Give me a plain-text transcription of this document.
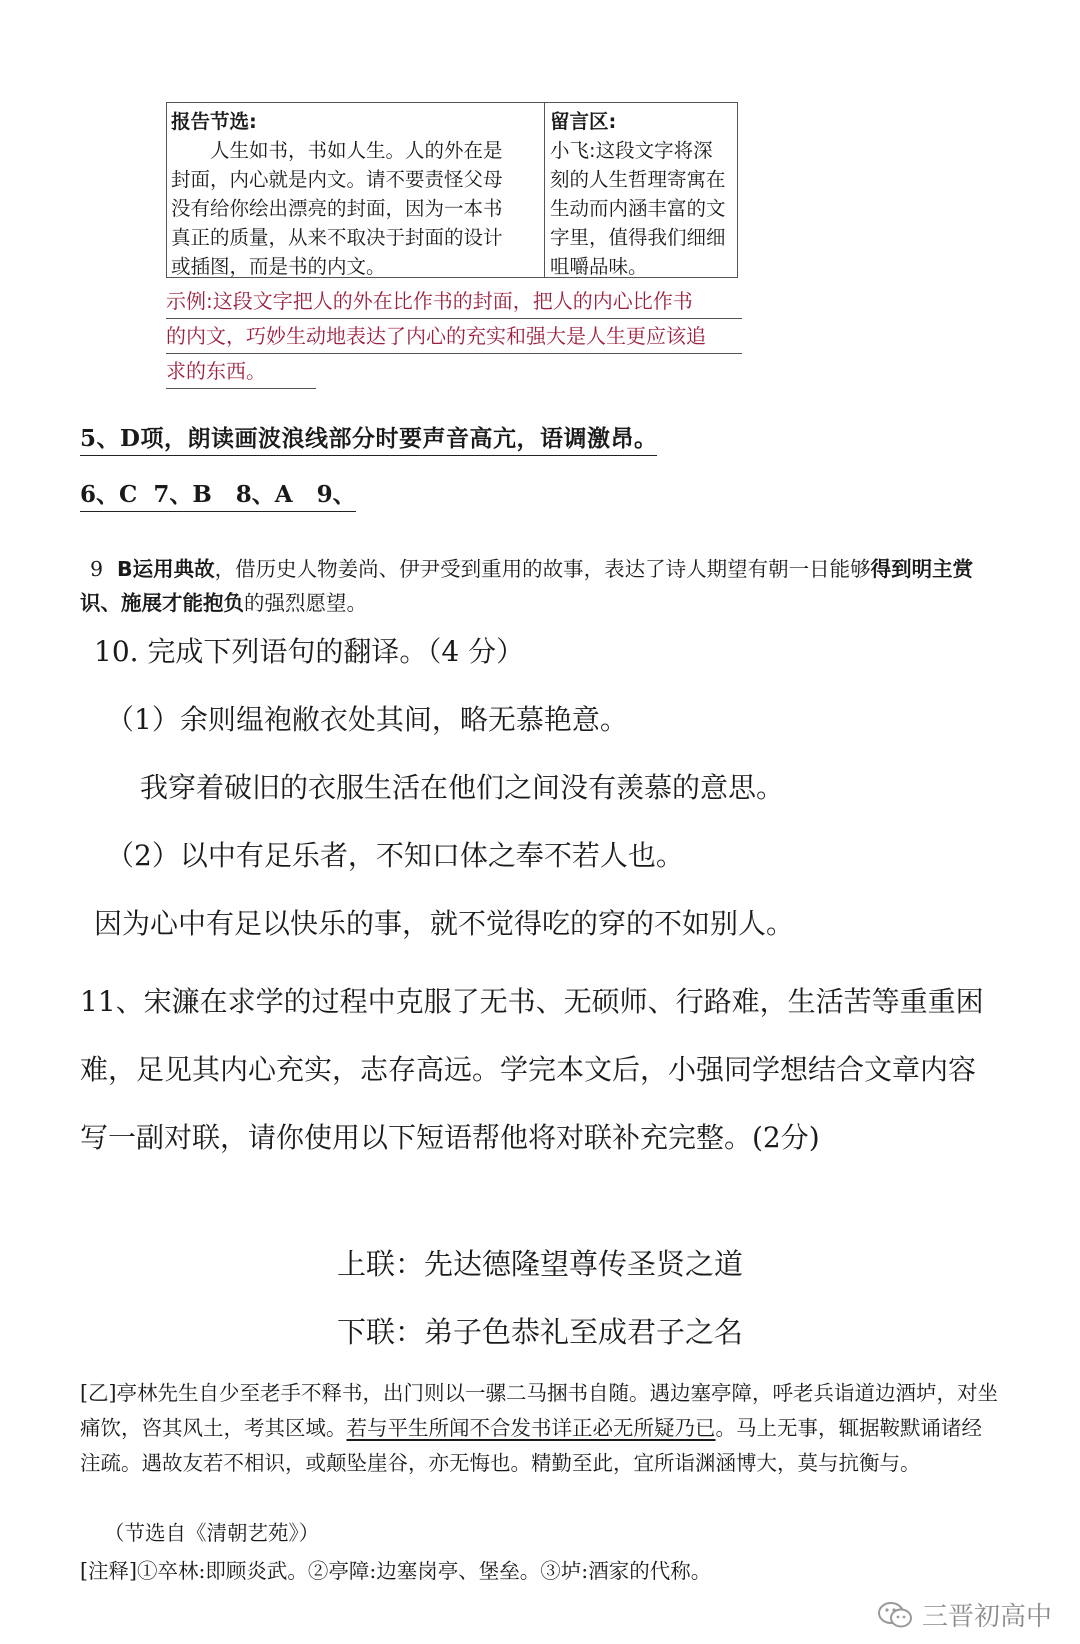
报告节选:
人生如书，书如人生。人的外在是
封面，内心就是内文。请不要责怪父母
没有给你绘出漂亮的封面，因为一本书
真正的质量，从来不取决于封面的设计
或插图，而是书的内文。
留言区:
小飞:这段文字将深
刻的人生哲理寄寓在
生动而内涵丰富的文
字里，值得我们细细
咀嚼品味。
示例:这段文字把人的外在比作书的封面，把人的内心比作书
的内文，巧妙生动地表达了内心的充实和强大是人生更应该追
求的东西。
5、D项，朗读画波浪线部分时要声音高亢，语调激昂。
6、C  7、B   8、A   9、
9 B运用典故，借历史人物姜尚、伊尹受到重用的故事，表达了诗人期望有朝一日能够得到明主赏识、施展才能抱负的强烈愿望。
10. 完成下列语句的翻译。（4 分）
（1）余则缊袍敝衣处其间，略无慕艳意。
我穿着破旧的衣服生活在他们之间没有羡慕的意思。
（2）以中有足乐者，不知口体之奉不若人也。
因为心中有足以快乐的事，就不觉得吃的穿的不如别人。
11、宋濂在求学的过程中克服了无书、无硕师、行路难，生活苦等重重困难，足见其内心充实，志存高远。学完本文后，小强同学想结合文章内容写一副对联，请你使用以下短语帮他将对联补充完整。(2分)
上联：先达德隆望尊传圣贤之道
下联：弟子色恭礼至成君子之名
[乙]亭林先生自少至老手不释书，出门则以一骡二马捆书自随。遇边塞亭障，呼老兵诣道边酒垆，对坐痛饮，咨其风土，考其区域。若与平生所闻不合发书详正必无所疑乃已。马上无事，辄据鞍默诵诸经注疏。遇故友若不相识，或颠坠崖谷，亦无悔也。精勤至此，宜所诣渊涵博大，莫与抗衡与。
（节选自《清朝艺苑》）
[注释]①卒林:即顾炎武。②亭障:边塞岗亭、堡垒。③垆:酒家的代称。
三晋初高中
